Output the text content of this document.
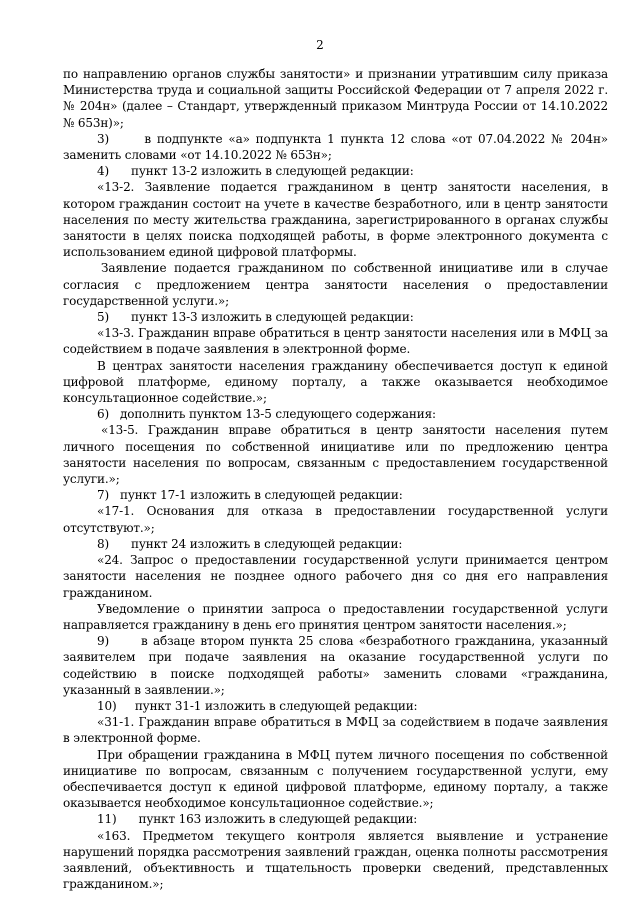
2

по направлению органов службы занятости» и признании утратившим силу приказа Министерства труда и социальной защиты Российской Федерации от 7 апреля 2022 г. № 204н» (далее – Стандарт, утвержденный приказом Минтруда России от 14.10.2022 № 653н)»;

3)      в подпункте «а» подпункта 1 пункта 12 слова «от 07.04.2022 № 204н» заменить словами «от 14.10.2022 № 653н»;

4)      пункт 13-2 изложить в следующей редакции:

«13-2. Заявление подается гражданином в центр занятости населения, в котором гражданин состоит на учете в качестве безработного, или в центр занятости населения по месту жительства гражданина, зарегистрированного в органах службы занятости в целях поиска подходящей работы, в форме электронного документа с использованием единой цифровой платформы.

Заявление подается гражданином по собственной инициативе или в случае согласия с предложением центра занятости населения о предоставлении государственной услуги.»;

5)      пункт 13-3 изложить в следующей редакции:

«13-3. Гражданин вправе обратиться в центр занятости населения или в МФЦ за содействием в подаче заявления в электронной форме.

В центрах занятости населения гражданину обеспечивается доступ к единой цифровой платформе, единому порталу, а также оказывается необходимое консультационное содействие.»;

6)   дополнить пунктом 13-5 следующего содержания:

«13-5. Гражданин вправе обратиться в центр занятости населения путем личного посещения по собственной инициативе или по предложению центра занятости населения по вопросам, связанным с предоставлением государственной услуги.»;

7)   пункт 17-1 изложить в следующей редакции:

«17-1. Основания для отказа в предоставлении государственной услуги отсутствуют.»;

8)      пункт 24 изложить в следующей редакции:

«24. Запрос о предоставлении государственной услуги принимается центром занятости населения не позднее одного рабочего дня со дня его направления гражданином.

Уведомление о принятии запроса о предоставлении государственной услуги направляется гражданину в день его принятия центром занятости населения.»;

9)      в абзаце втором пункта 25 слова «безработного гражданина, указанный заявителем при подаче заявления на оказание государственной услуги по содействию в поиске подходящей работы» заменить словами «гражданина, указанный в заявлении.»;

10)     пункт 31-1 изложить в следующей редакции:

«31-1. Гражданин вправе обратиться в МФЦ за содействием в подаче заявления в электронной форме.

При обращении гражданина в МФЦ путем личного посещения по собственной инициативе по вопросам, связанным с получением государственной услуги, ему обеспечивается доступ к единой цифровой платформе, единому порталу, а также оказывается необходимое консультационное содействие.»;

11)      пункт 163 изложить в следующей редакции:

«163. Предметом текущего контроля является выявление и устранение нарушений порядка рассмотрения заявлений граждан, оценка полноты рассмотрения заявлений, объективность и тщательность проверки сведений, представленных гражданином.»;
